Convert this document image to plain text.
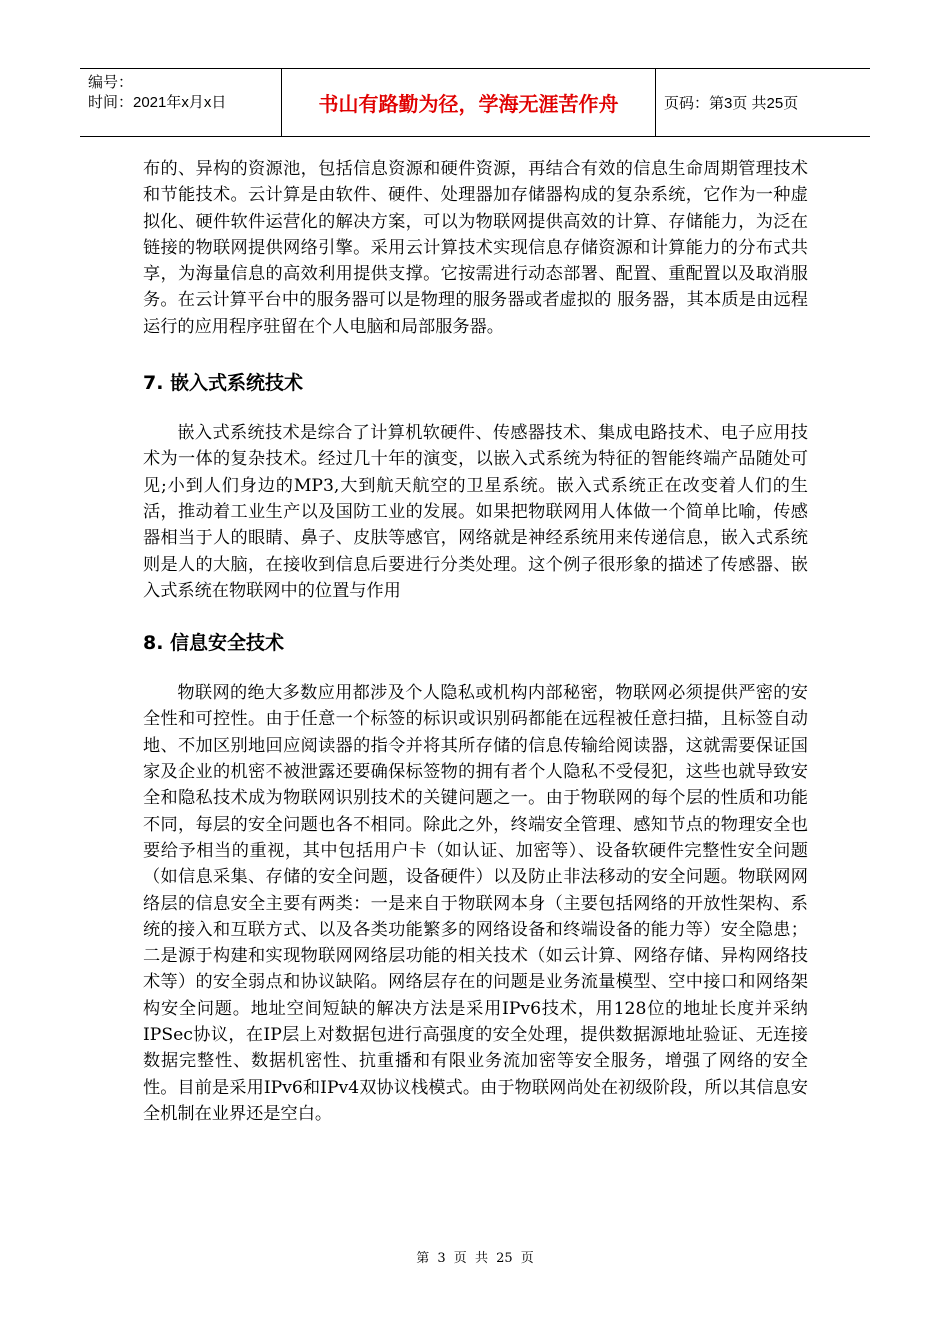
编号：
时间：2021年x月x日	书山有路勤为径，学海无涯苦作舟	页码：第3页 共25页

布的、异构的资源池，包括信息资源和硬件资源，再结合有效的信息生命周期管理技术和节能技术。云计算是由软件、硬件、处理器加存储器构成的复杂系统，它作为一种虚拟化、硬件软件运营化的解决方案，可以为物联网提供高效的计算、存储能力，为泛在链接的物联网提供网络引擎。采用云计算技术实现信息存储资源和计算能力的分布式共享，为海量信息的高效利用提供支撑。它按需进行动态部署、配置、重配置以及取消服务。在云计算平台中的服务器可以是物理的服务器或者虚拟的 服务器，其本质是由远程运行的应用程序驻留在个人电脑和局部服务器。

7. 嵌入式系统技术

嵌入式系统技术是综合了计算机软硬件、传感器技术、集成电路技术、电子应用技术为一体的复杂技术。经过几十年的演变，以嵌入式系统为特征的智能终端产品随处可见;小到人们身边的MP3,大到航天航空的卫星系统。嵌入式系统正在改变着人们的生活，推动着工业生产以及国防工业的发展。如果把物联网用人体做一个简单比喻，传感器相当于人的眼睛、鼻子、皮肤等感官，网络就是神经系统用来传递信息，嵌入式系统则是人的大脑，在接收到信息后要进行分类处理。这个例子很形象的描述了传感器、嵌入式系统在物联网中的位置与作用

8. 信息安全技术

物联网的绝大多数应用都涉及个人隐私或机构内部秘密，物联网必须提供严密的安全性和可控性。由于任意一个标签的标识或识别码都能在远程被任意扫描，且标签自动地、不加区别地回应阅读器的指令并将其所存储的信息传输给阅读器，这就需要保证国家及企业的机密不被泄露还要确保标签物的拥有者个人隐私不受侵犯，这些也就导致安全和隐私技术成为物联网识别技术的关键问题之一。由于物联网的每个层的性质和功能不同，每层的安全问题也各不相同。除此之外，终端安全管理、感知节点的物理安全也要给予相当的重视，其中包括用户卡（如认证、加密等）、设备软硬件完整性安全问题（如信息采集、存储的安全问题，设备硬件）以及防止非法移动的安全问题。物联网网络层的信息安全主要有两类：一是来自于物联网本身（主要包括网络的开放性架构、系统的接入和互联方式、以及各类功能繁多的网络设备和终端设备的能力等）安全隐患；二是源于构建和实现物联网网络层功能的相关技术（如云计算、网络存储、异构网络技术等）的安全弱点和协议缺陷。网络层存在的问题是业务流量模型、空中接口和网络架构安全问题。地址空间短缺的解决方法是采用IPv6技术，用128位的地址长度并采纳IPSec协议，在IP层上对数据包进行高强度的安全处理，提供数据源地址验证、无连接数据完整性、数据机密性、抗重播和有限业务流加密等安全服务，增强了网络的安全性。目前是采用IPv6和IPv4双协议栈模式。由于物联网尚处在初级阶段，所以其信息安全机制在业界还是空白。

第 3 页 共 25 页
